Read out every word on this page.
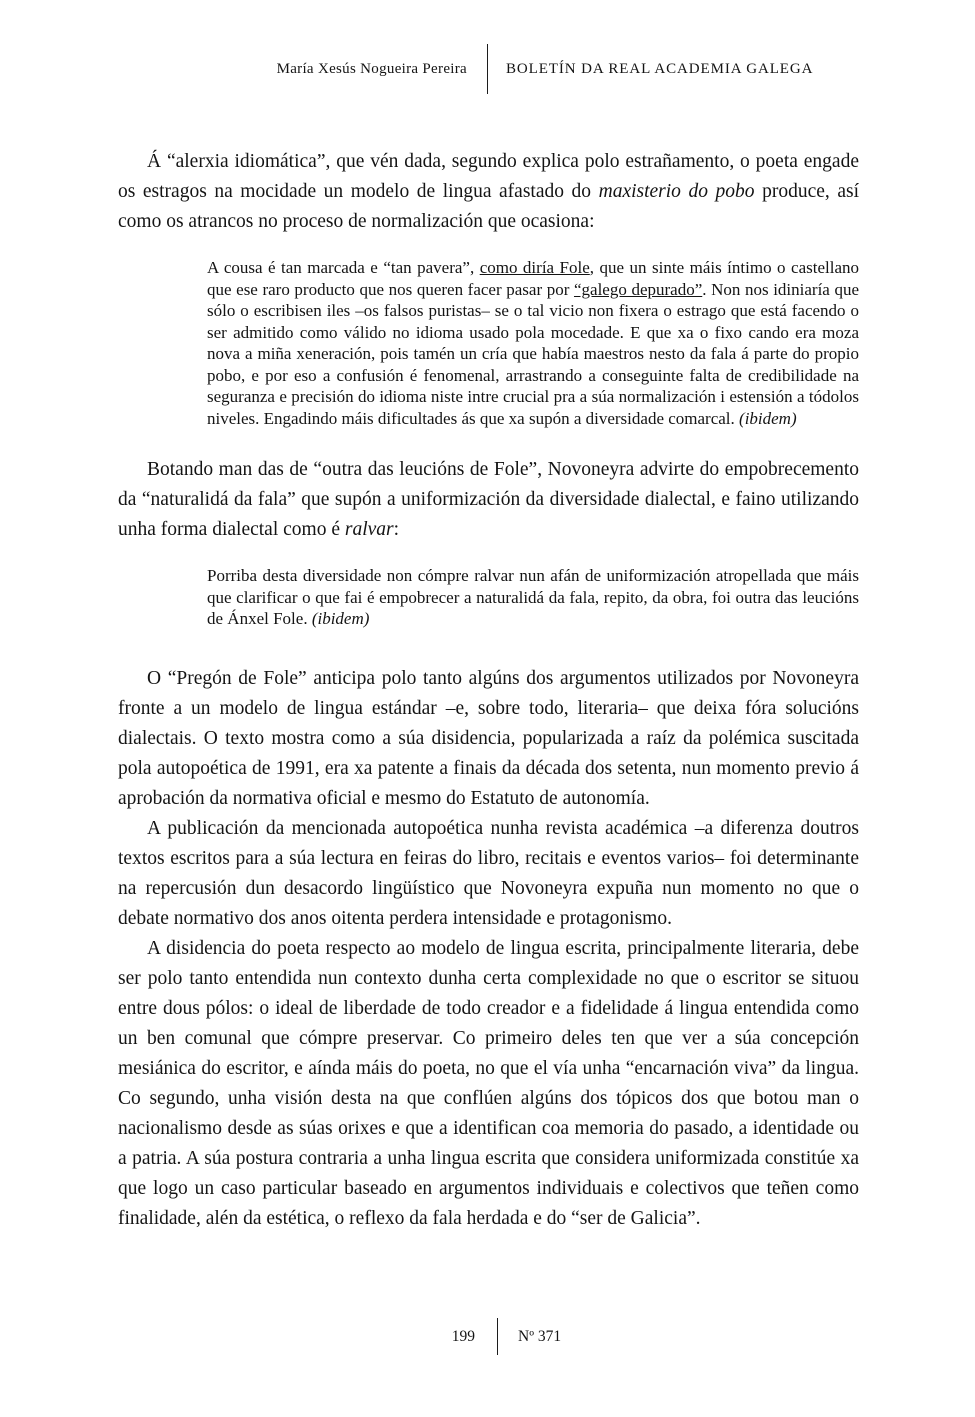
María Xesús Nogueira Pereira	BOLETÍN DA REAL ACADEMIA GALEGA

Á “alerxia idiomática”, que vén dada, segundo explica polo estrañamento, o poeta engade os estragos na mocidade un modelo de lingua afastado do maxisterio do pobo produce, así como os atrancos no proceso de normalización que ocasiona:

A cousa é tan marcada e “tan pavera”, como diría Fole, que un sinte máis íntimo o castellano que ese raro producto que nos queren facer pasar por “galego depurado”. Non nos idiniaría que sólo o escribisen iles –os falsos puristas– se o tal vicio non fixera o estrago que está facendo o ser admitido como válido no idioma usado pola mocedade. E que xa o fixo cando era moza nova a miña xeneración, pois tamén un cría que había maestros nesto da fala á parte do propio pobo, e por eso a confusión é fenomenal, arrastrando a conseguinte falta de credibilidade na seguranza e precisión do idioma niste intre crucial pra a súa normalización i estensión a tódolos niveles. Engadindo máis dificultades ás que xa supón a diversidade comarcal. (ibidem)

Botando man das de “outra das leucións de Fole”, Novoneyra advirte do empobrecemento da “naturalidá da fala” que supón a uniformización da diversidade dialectal, e faino utilizando unha forma dialectal como é ralvar:

Porriba desta diversidade non cómpre ralvar nun afán de uniformización atropellada que máis que clarificar o que fai é empobrecer a naturalidá da fala, repito, da obra, foi outra das leucións de Ánxel Fole. (ibidem)

O “Pregón de Fole” anticipa polo tanto algúns dos argumentos utilizados por Novoneyra fronte a un modelo de lingua estándar –e, sobre todo, literaria– que deixa fóra solucións dialectais. O texto mostra como a súa disidencia, popularizada a raíz da polémica suscitada pola autopoética de 1991, era xa patente a finais da década dos setenta, nun momento previo á aprobación da normativa oficial e mesmo do Estatuto de autonomía.

A publicación da mencionada autopoética nunha revista académica –a diferenza doutros textos escritos para a súa lectura en feiras do libro, recitais e eventos varios– foi determinante na repercusión dun desacordo lingüístico que Novoneyra expuña nun momento no que o debate normativo dos anos oitenta perdera intensidade e protagonismo.

A disidencia do poeta respecto ao modelo de lingua escrita, principalmente literaria, debe ser polo tanto entendida nun contexto dunha certa complexidade no que o escritor se situou entre dous pólos: o ideal de liberdade de todo creador e a fidelidade á lingua entendida como un ben comunal que cómpre preservar. Co primeiro deles ten que ver a súa concepción mesiánica do escritor, e aínda máis do poeta, no que el vía unha “encarnación viva” da lingua. Co segundo, unha visión desta na que conflúen algúns dos tópicos dos que botou man o nacionalismo desde as súas orixes e que a identifican coa memoria do pasado, a identidade ou a patria. A súa postura contraria a unha lingua escrita que considera uniformizada constitúe xa que logo un caso particular baseado en argumentos individuais e colectivos que teñen como finalidade, alén da estética, o reflexo da fala herdada e do “ser de Galicia”.

199	Nº 371
